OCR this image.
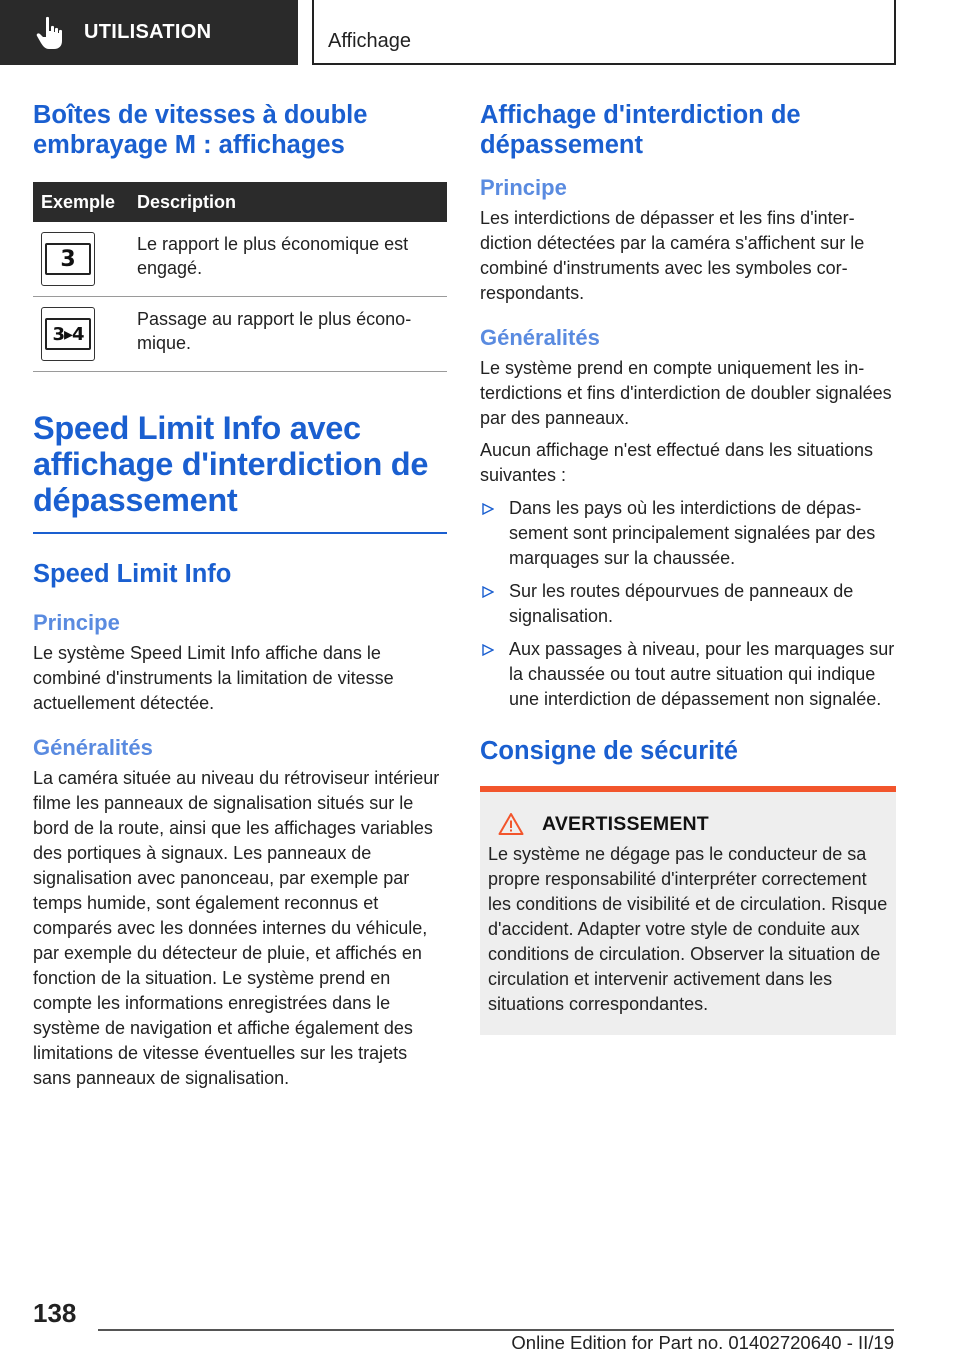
UTILISATION	Affichage
Boîtes de vitesses à double embrayage M : affichages
Exemple	Description
3
Le rapport le plus économique est engagé.
3▸4
Passage au rapport le plus économique.
Speed Limit Info avec affichage d'interdiction de dépassement
Speed Limit Info
Principe

Le système Speed Limit Info affiche dans le combiné d'instruments la limitation de vitesse actuellement détectée.

Généralités

La caméra située au niveau du rétroviseur intérieur filme les panneaux de signalisation situés sur le bord de la route, ainsi que les affichages variables des portiques à signaux. Les panneaux de signalisation avec panonceau, par exemple par temps humide, sont également reconnus et comparés avec les données internes du véhicule, par exemple du détecteur de pluie, et affichés en fonction de la situation. Le système prend en compte les informations enregistrées dans le système de navigation et affiche également des limitations de vitesse éventuelles sur les trajets sans panneaux de signalisation.

Affichage d'interdiction de dépassement
Principe

Les interdictions de dépasser et les fins d'interdiction détectées par la caméra s'affichent sur le combiné d'instruments avec les symboles correspondants.

Généralités

Le système prend en compte uniquement les interdictions et fins d'interdiction de doubler signalées par des panneaux.

Aucun affichage n'est effectué dans les situations suivantes :

Dans les pays où les interdictions de dépassement sont principalement signalées par des marquages sur la chaussée.
Sur les routes dépourvues de panneaux de signalisation.
Aux passages à niveau, pour les marquages sur la chaussée ou tout autre situation qui indique une interdiction de dépassement non signalée.
Consigne de sécurité
AVERTISSEMENT

Le système ne dégage pas le conducteur de sa propre responsabilité d'interpréter correctement les conditions de visibilité et de circulation. Risque d'accident. Adapter votre style de conduite aux conditions de circulation. Observer la situation de circulation et intervenir activement dans les situations correspondantes.

138
Online Edition for Part no. 01402720640 - II/19
